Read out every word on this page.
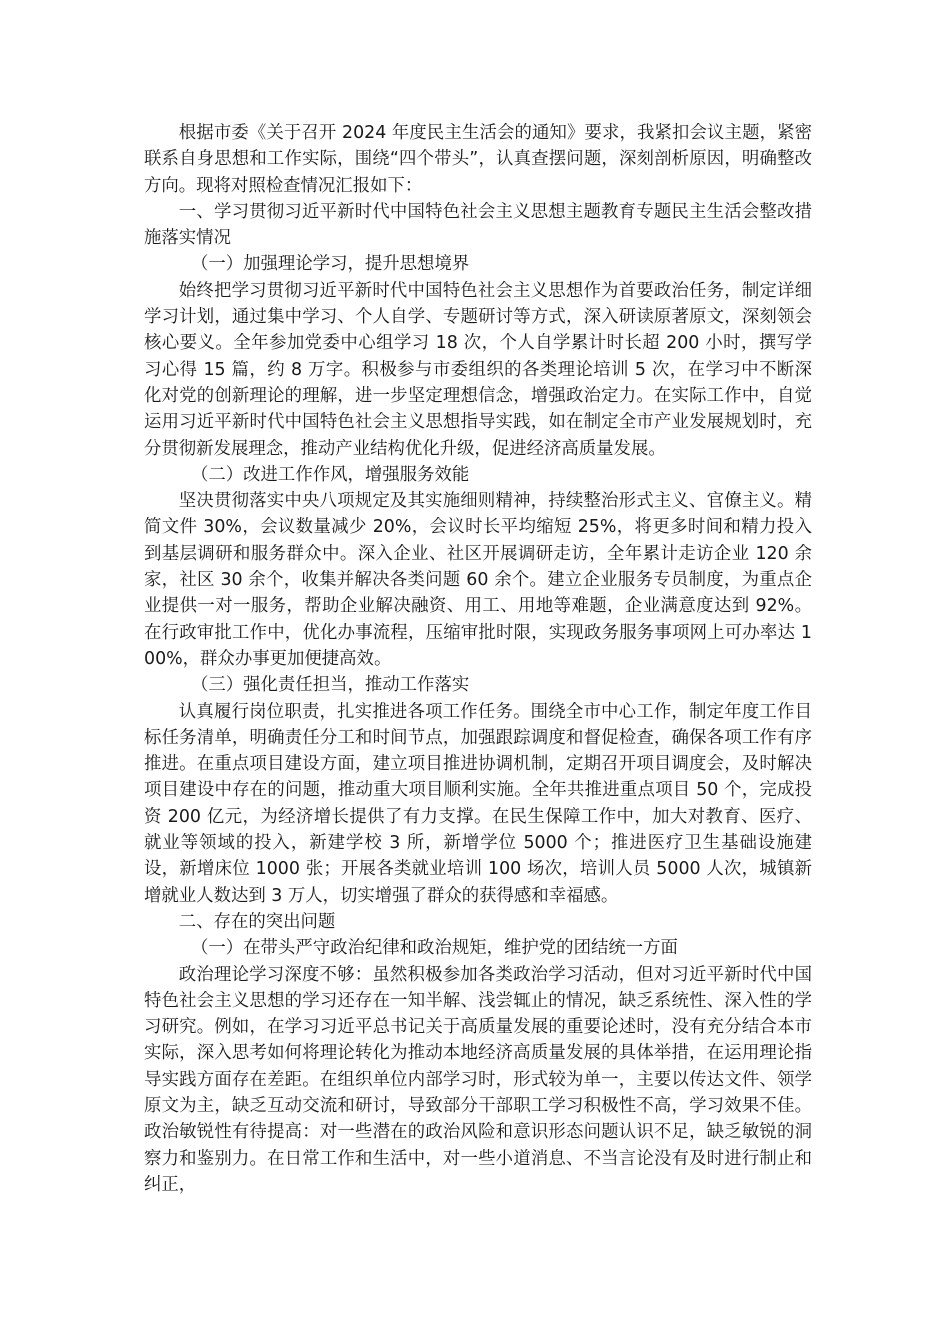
根据市委《关于召开 2024 年度民主生活会的通知》要求，我紧扣会议主题，紧密联系自身思想和工作实际，围绕“四个带头”，认真查摆问题，深刻剖析原因，明确整改方向。现将对照检查情况汇报如下：

一、学习贯彻习近平新时代中国特色社会主义思想主题教育专题民主生活会整改措施落实情况

（一）加强理论学习，提升思想境界

始终把学习贯彻习近平新时代中国特色社会主义思想作为首要政治任务，制定详细学习计划，通过集中学习、个人自学、专题研讨等方式，深入研读原著原文，深刻领会核心要义。全年参加党委中心组学习 18 次，个人自学累计时长超 200 小时，撰写学习心得 15 篇，约 8 万字。积极参与市委组织的各类理论培训 5 次，在学习中不断深化对党的创新理论的理解，进一步坚定理想信念，增强政治定力。在实际工作中，自觉运用习近平新时代中国特色社会主义思想指导实践，如在制定全市产业发展规划时，充分贯彻新发展理念，推动产业结构优化升级，促进经济高质量发展。

（二）改进工作作风，增强服务效能

坚决贯彻落实中央八项规定及其实施细则精神，持续整治形式主义、官僚主义。精简文件 30%，会议数量减少 20%，会议时长平均缩短 25%，将更多时间和精力投入到基层调研和服务群众中。深入企业、社区开展调研走访，全年累计走访企业 120 余家，社区 30 余个，收集并解决各类问题 60 余个。建立企业服务专员制度，为重点企业提供一对一服务，帮助企业解决融资、用工、用地等难题，企业满意度达到 92%。在行政审批工作中，优化办事流程，压缩审批时限，实现政务服务事项网上可办率达 100%，群众办事更加便捷高效。

（三）强化责任担当，推动工作落实

认真履行岗位职责，扎实推进各项工作任务。围绕全市中心工作，制定年度工作目标任务清单，明确责任分工和时间节点，加强跟踪调度和督促检查，确保各项工作有序推进。在重点项目建设方面，建立项目推进协调机制，定期召开项目调度会，及时解决项目建设中存在的问题，推动重大项目顺利实施。全年共推进重点项目 50 个，完成投资 200 亿元，为经济增长提供了有力支撑。在民生保障工作中，加大对教育、医疗、就业等领域的投入，新建学校 3 所，新增学位 5000 个；推进医疗卫生基础设施建设，新增床位 1000 张；开展各类就业培训 100 场次，培训人员 5000 人次，城镇新增就业人数达到 3 万人，切实增强了群众的获得感和幸福感。

二、存在的突出问题

（一）在带头严守政治纪律和政治规矩，维护党的团结统一方面

政治理论学习深度不够：虽然积极参加各类政治学习活动，但对习近平新时代中国特色社会主义思想的学习还存在一知半解、浅尝辄止的情况，缺乏系统性、深入性的学习研究。例如，在学习习近平总书记关于高质量发展的重要论述时，没有充分结合本市实际，深入思考如何将理论转化为推动本地经济高质量发展的具体举措，在运用理论指导实践方面存在差距。在组织单位内部学习时，形式较为单一，主要以传达文件、领学原文为主，缺乏互动交流和研讨，导致部分干部职工学习积极性不高，学习效果不佳。政治敏锐性有待提高：对一些潜在的政治风险和意识形态问题认识不足，缺乏敏锐的洞察力和鉴别力。在日常工作和生活中，对一些小道消息、不当言论没有及时进行制止和纠正，
